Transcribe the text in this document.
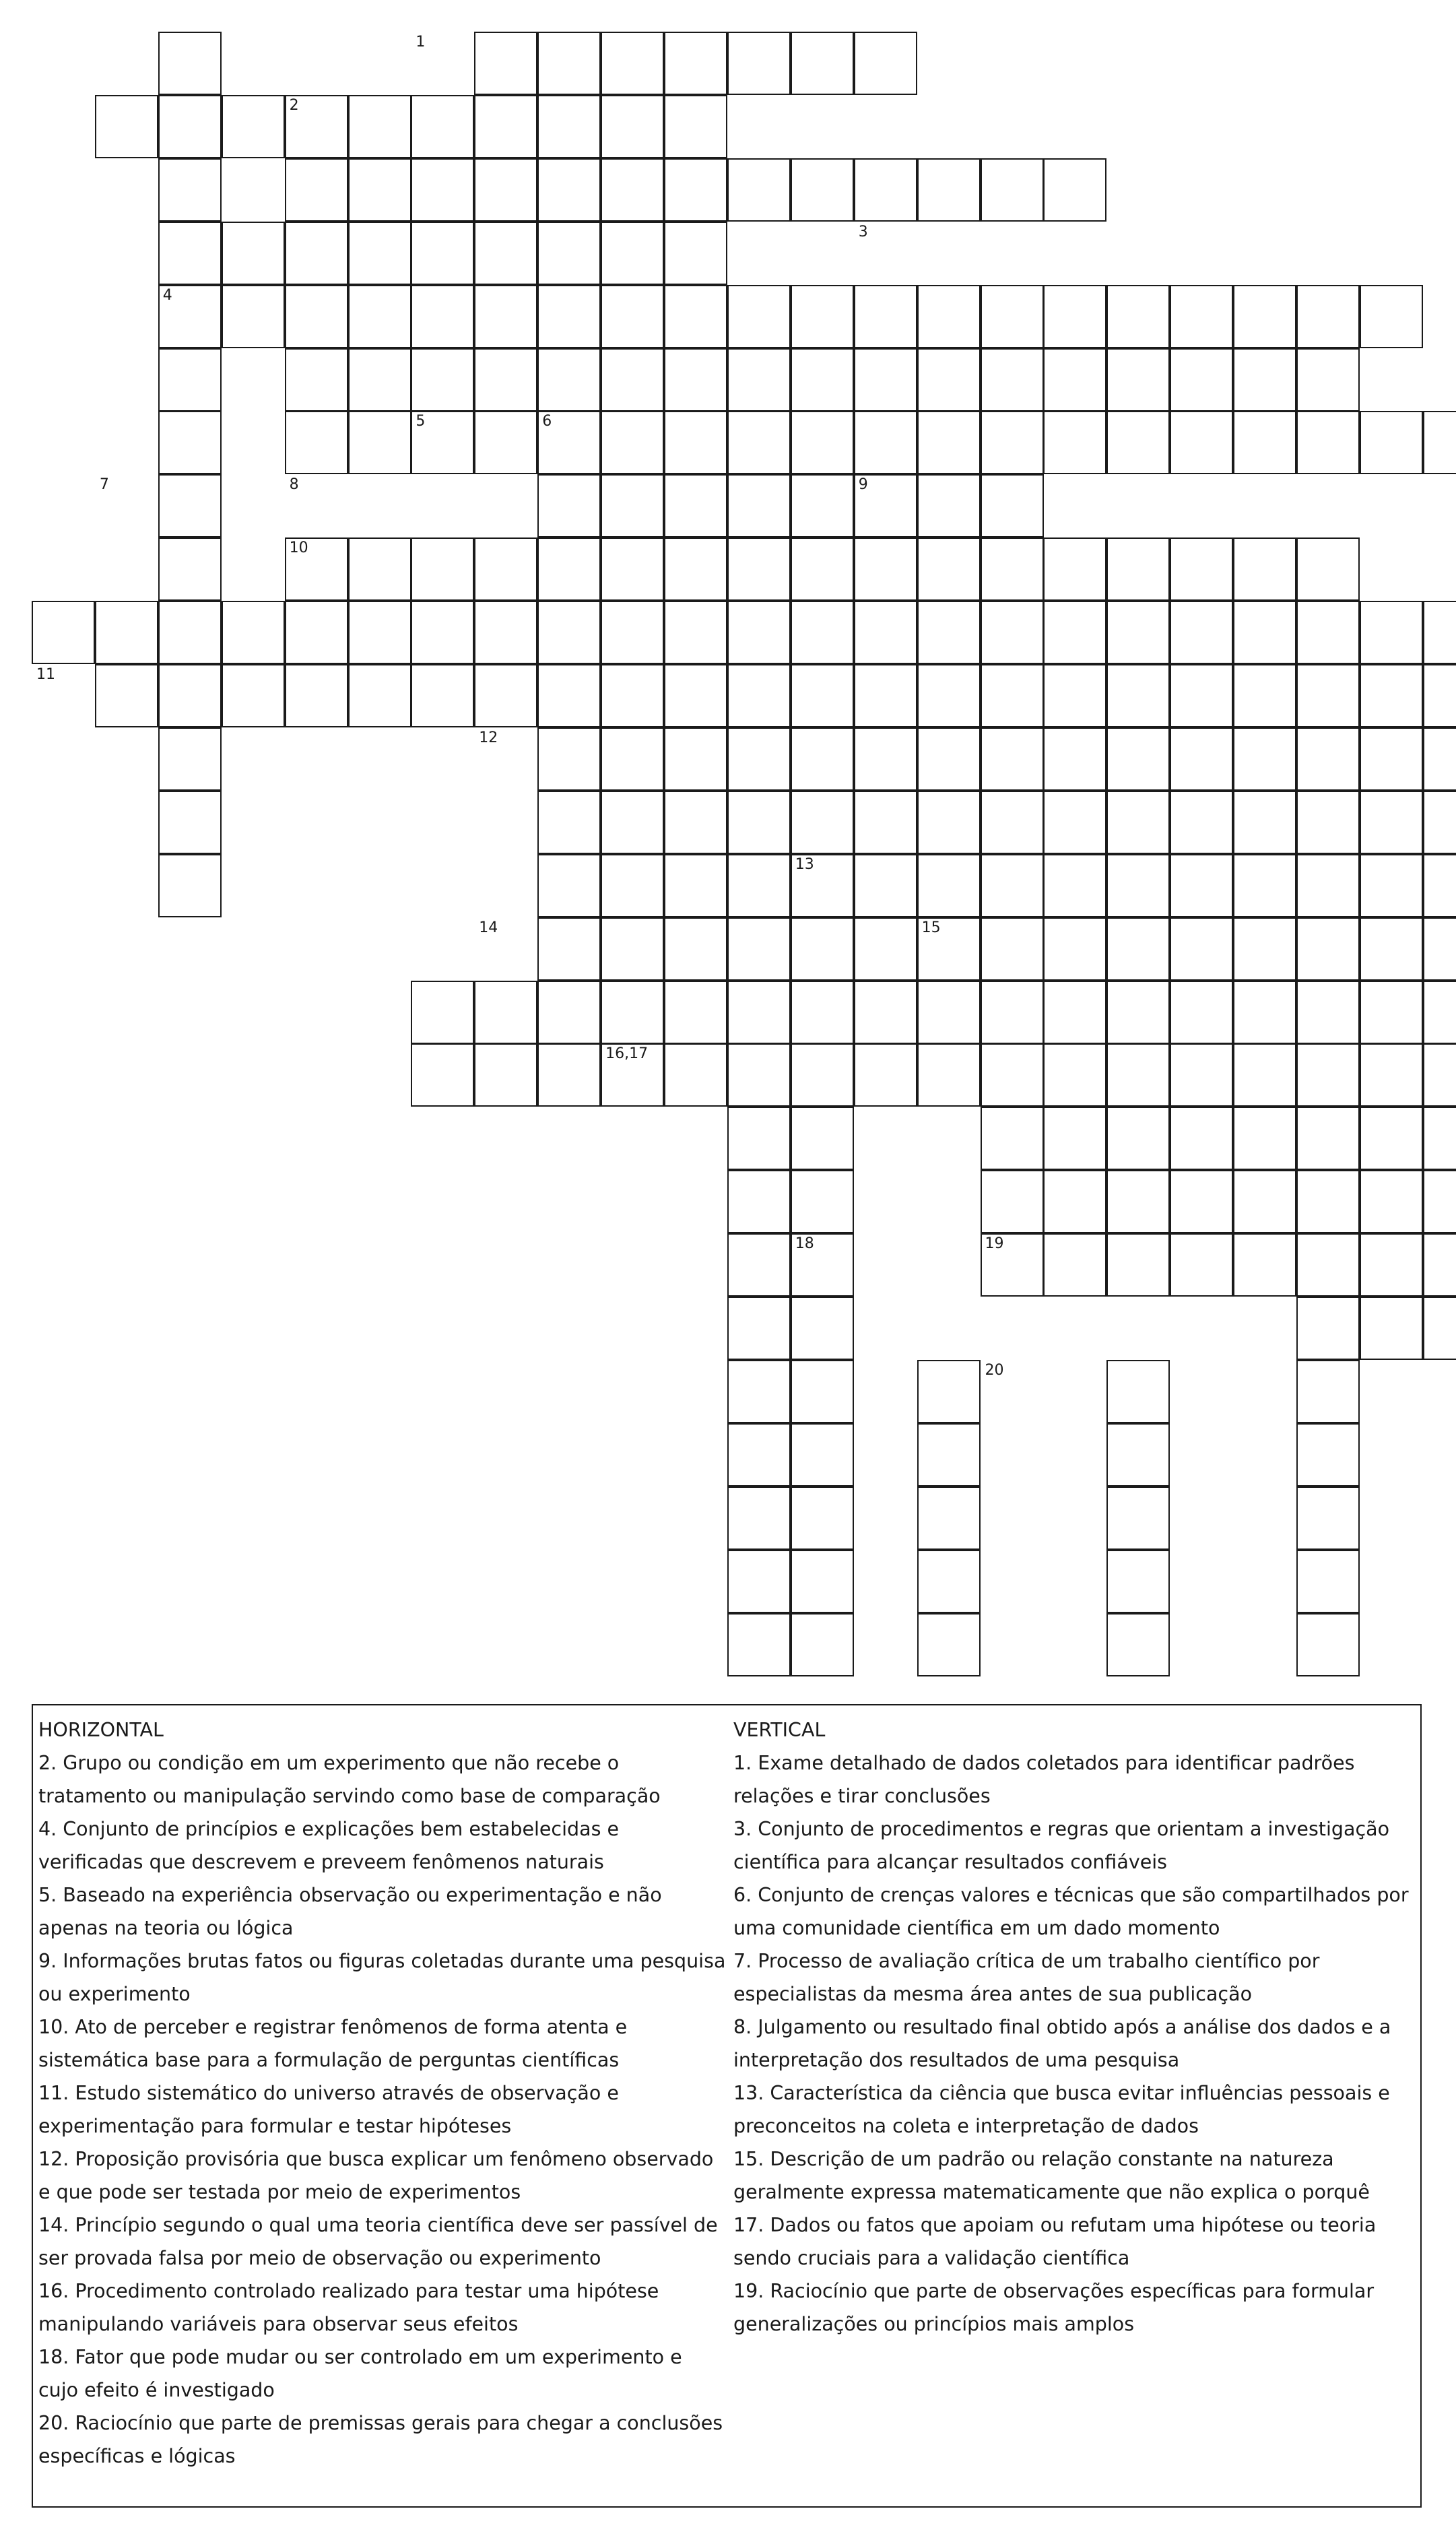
1
2
3
4
5	6
7	8	9
10
11
12
13
14	15
16,17
18	19
20

HORIZONTAL

2. Grupo ou condição em um experimento que não recebe o tratamento ou manipulação servindo como base de comparação

4. Conjunto de princípios e explicações bem estabelecidas e verificadas que descrevem e preveem fenômenos naturais

5. Baseado na experiência observação ou experimentação e não apenas na teoria ou lógica

9. Informações brutas fatos ou figuras coletadas durante uma pesquisa ou experimento

10. Ato de perceber e registrar fenômenos de forma atenta e sistemática base para a formulação de perguntas científicas

11. Estudo sistemático do universo através de observação e experimentação para formular e testar hipóteses

12. Proposição provisória que busca explicar um fenômeno observado e que pode ser testada por meio de experimentos

14. Princípio segundo o qual uma teoria científica deve ser passível de ser provada falsa por meio de observação ou experimento

16. Procedimento controlado realizado para testar uma hipótese manipulando variáveis para observar seus efeitos

18. Fator que pode mudar ou ser controlado em um experimento e cujo efeito é investigado

20. Raciocínio que parte de premissas gerais para chegar a conclusões específicas e lógicas

VERTICAL

1. Exame detalhado de dados coletados para identificar padrões relações e tirar conclusões

3. Conjunto de procedimentos e regras que orientam a investigação científica para alcançar resultados confiáveis

6. Conjunto de crenças valores e técnicas que são compartilhados por uma comunidade científica em um dado momento

7. Processo de avaliação crítica de um trabalho científico por especialistas da mesma área antes de sua publicação

8. Julgamento ou resultado final obtido após a análise dos dados e a interpretação dos resultados de uma pesquisa

13. Característica da ciência que busca evitar influências pessoais e preconceitos na coleta e interpretação de dados

15. Descrição de um padrão ou relação constante na natureza geralmente expressa matematicamente que não explica o porquê

17. Dados ou fatos que apoiam ou refutam uma hipótese ou teoria sendo cruciais para a validação científica

19. Raciocínio que parte de observações específicas para formular generalizações ou princípios mais amplos
